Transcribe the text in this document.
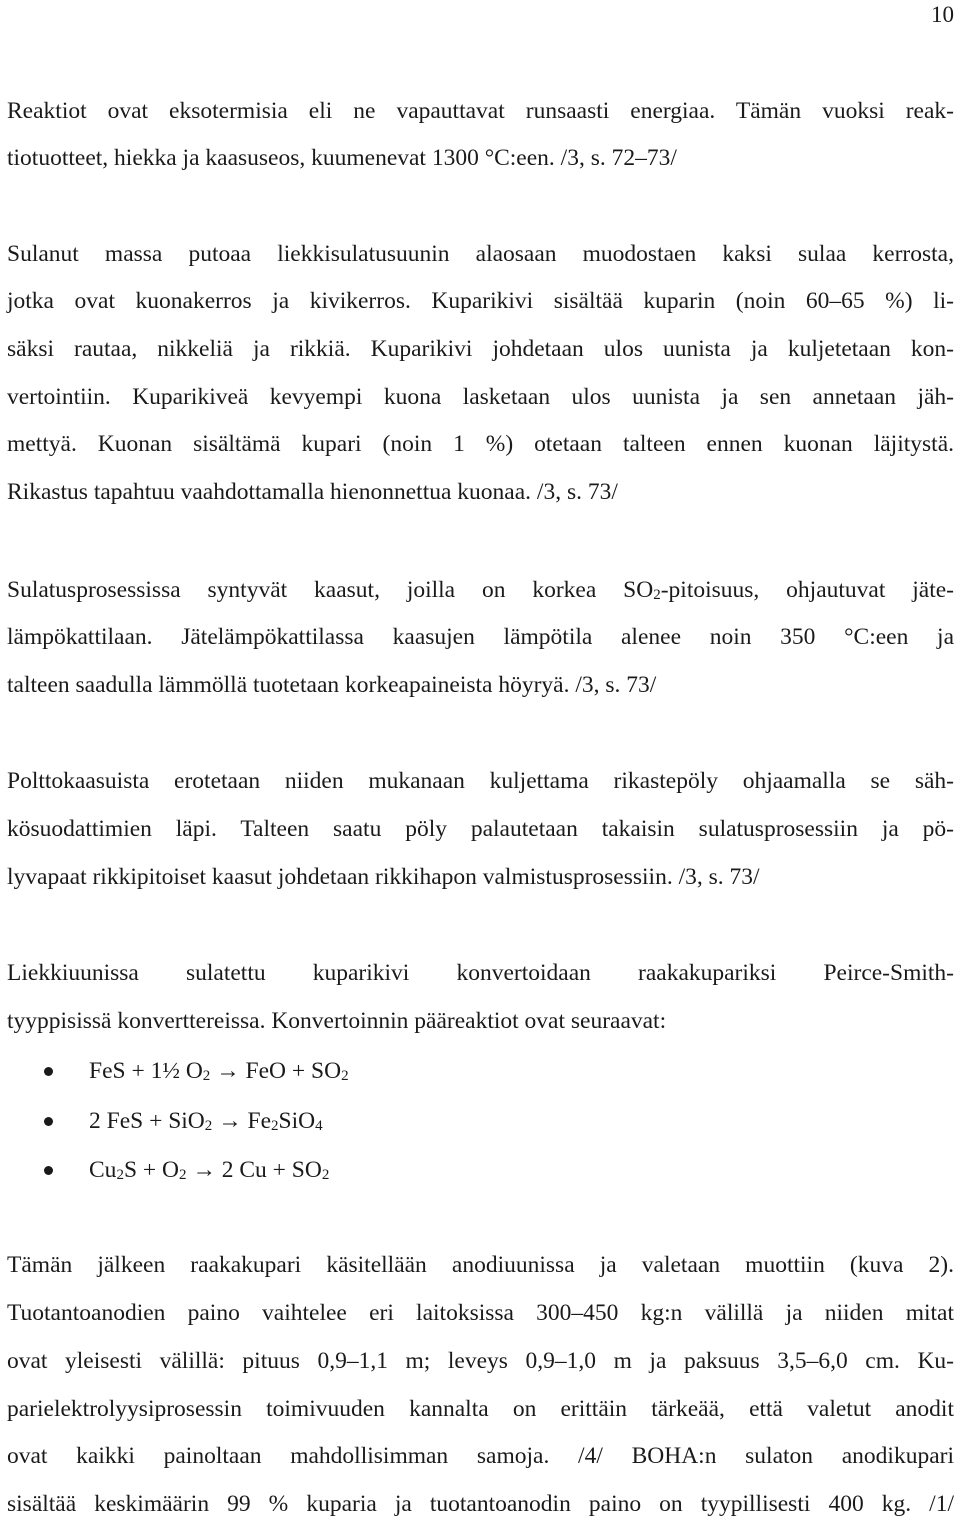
10
Reaktiot ovat eksotermisia eli ne vapauttavat runsaasti energiaa. Tämän vuoksi reak-
tiotuotteet, hiekka ja kaasuseos, kuumenevat 1300 °C:een. /3, s. 72–73/
Sulanut massa putoaa liekkisulatusuunin alaosaan muodostaen kaksi sulaa kerrosta,
jotka ovat kuonakerros ja kivikerros. Kuparikivi sisältää kuparin (noin 60–65 %) li-
säksi rautaa, nikkeliä ja rikkiä. Kuparikivi johdetaan ulos uunista ja kuljetetaan kon-
vertointiin. Kuparikiveä kevyempi kuona lasketaan ulos uunista ja sen annetaan jäh-
mettyä. Kuonan sisältämä kupari (noin 1 %) otetaan talteen ennen kuonan läjitystä.
Rikastus tapahtuu vaahdottamalla hienonnettua kuonaa. /3, s. 73/
Sulatusprosessissa syntyvät kaasut, joilla on korkea $SO_2$-pitoisuus, ohjautuvat jäte-
lämpökattilaan. Jätelämpökattilassa kaasujen lämpötila alenee noin 350 °C:een ja
talteen saadulla lämmöllä tuotetaan korkeapaineista höyryä. /3, s. 73/
Polttokaasuista erotetaan niiden mukanaan kuljettama rikastepöly ohjaamalla se säh-
kösuodattimien läpi. Talteen saatu pöly palautetaan takaisin sulatusprosessiin ja pö-
lyvapaat rikkipitoiset kaasut johdetaan rikkihapon valmistusprosessiin. /3, s. 73/
Liekkiuunissa sulatettu kuparikivi konvertoidaan raakakupariksi Peirce-Smith-
tyyppisissä konverttereissa. Konvertoinnin pääreaktiot ovat seuraavat:
FeS + 1½ $O_2$ → FeO + $SO_2$
2 FeS + $SiO_2 \to Fe_2SiO_4$
$Cu_2S + O_2 \to 2$ $Cu + SO_2$
Tämän jälkeen raakakupari käsitellään anodiuunissa ja valetaan muottiin (kuva 2).
Tuotantoanodien paino vaihtelee eri laitoksissa 300–450 kg:n välillä ja niiden mitat
ovat yleisesti välillä: pituus 0,9–1,1 m; leveys 0,9–1,0 m ja paksuus 3,5–6,0 cm. Ku-
parielektrolyysiprosessin toimivuuden kannalta on erittäin tärkeää, että valetut anodit
ovat kaikki painoltaan mahdollisimman samoja. /4/ BOHA:n sulaton anodikupari
sisältää keskimäärin 99 % kuparia ja tuotantoanodin paino on tyypillisesti 400 kg. /1/
